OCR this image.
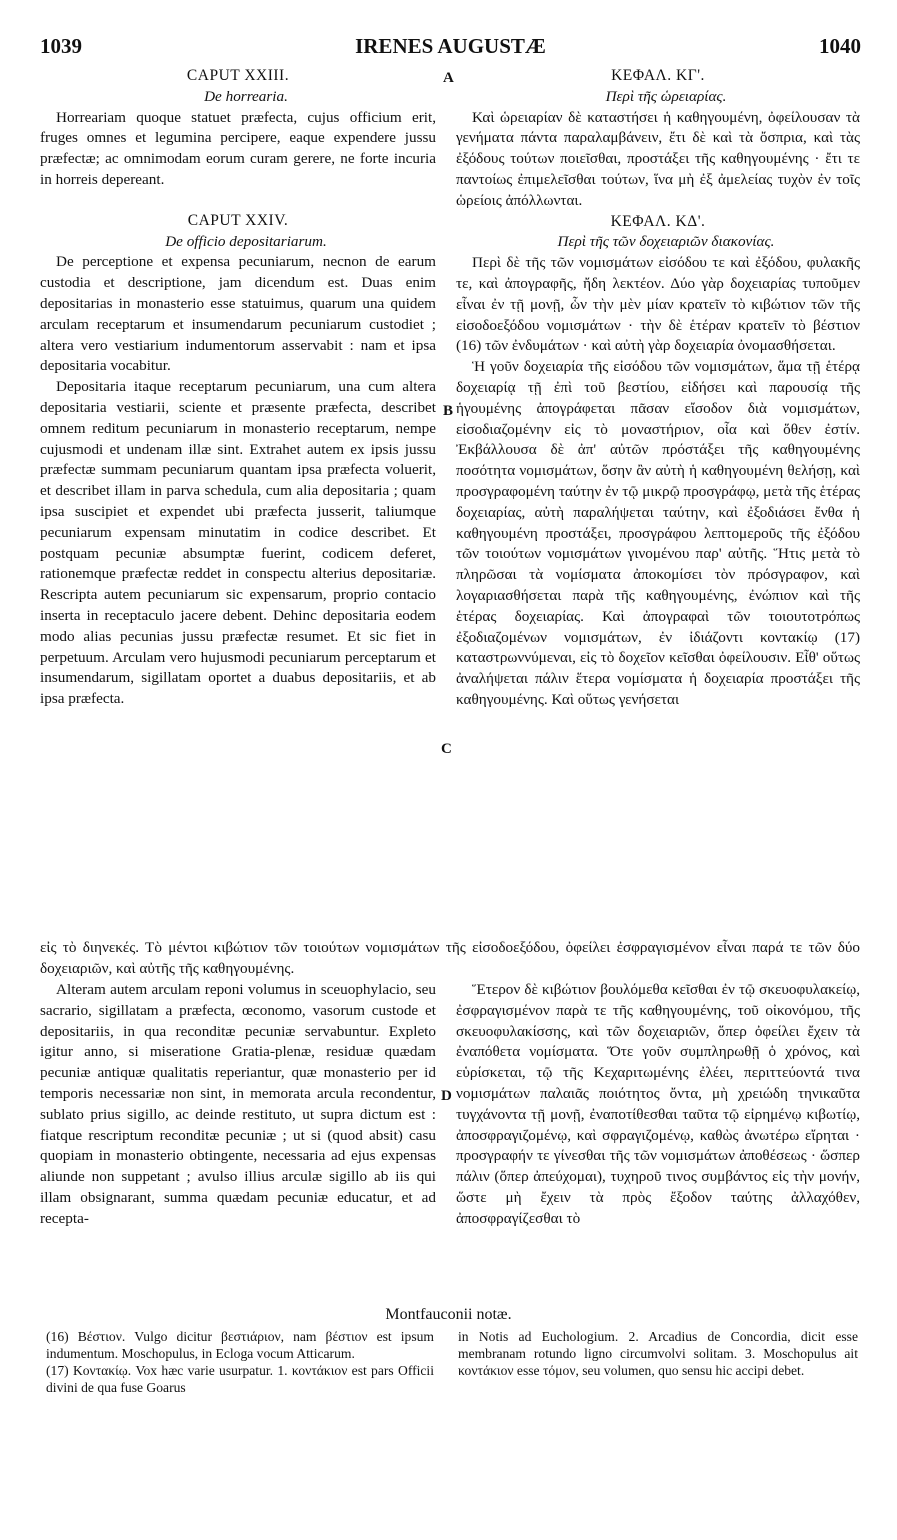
1039	IRENES AUGUSTÆ	1040
A
B
C
D
CAPUT XXIII.

De horrearia.

Horreariam quoque statuet præfecta, cujus officium erit, fruges omnes et legumina percipere, eaque expendere jussu præfectæ; ac omnimodam eorum curam gerere, ne forte incuria in horreis depereant.

CAPUT XXIV.

De officio depositariarum.

De perceptione et expensa pecuniarum, necnon de earum custodia et descriptione, jam dicendum est. Duas enim depositarias in monasterio esse statuimus, quarum una quidem arculam receptarum et insumendarum pecuniarum custodiet ; altera vero vestiarium indumentorum asservabit : nam et ipsa depositaria vocabitur.

Depositaria itaque receptarum pecuniarum, una cum altera depositaria vestiarii, sciente et præsente præfecta, describet omnem reditum pecuniarum in monasterio receptarum, nempe cujusmodi et undenam illæ sint. Extrahet autem ex ipsis jussu præfectæ summam pecuniarum quantam ipsa præfecta voluerit, et describet illam in parva schedula, cum alia depositaria ; quam ipsa suscipiet et expendet ubi præfecta jusserit, taliumque pecuniarum expensam minutatim in codice describet. Et postquam pecuniæ absumptæ fuerint, codicem deferet, rationemque præfectæ reddet in conspectu alterius depositariæ. Rescripta autem pecuniarum sic expensarum, proprio contacio inserta in receptaculo jacere debent. Dehinc depositaria eodem modo alias pecunias jussu præfectæ resumet. Et sic fiet in perpetuum. Arculam vero hujusmodi pecuniarum perceptarum et insumendarum, sigillatam oportet a duabus depositariis, et ab ipsa præfecta.

ΚΕΦΑΛ. ΚΓ'.

Περὶ τῆς ὡρειαρίας.

Καὶ ὡρειαρίαν δὲ καταστήσει ἡ καθηγουμένη, ὀφείλουσαν τὰ γενήματα πάντα παραλαμβάνειν, ἔτι δὲ καὶ τὰ ὄσπρια, καὶ τὰς ἐξόδους τούτων ποιεῖσθαι, προστάξει τῆς καθηγουμένης · ἔτι τε παντοίως ἐπιμελεῖσθαι τούτων, ἵνα μὴ ἐξ ἀμελείας τυχὸν ἐν τοῖς ὡρείοις ἀπόλλωνται.

ΚΕΦΑΛ. ΚΔ'.

Περὶ τῆς τῶν δοχειαριῶν διακονίας.

Περὶ δὲ τῆς τῶν νομισμάτων εἰσόδου τε καὶ ἐξόδου, φυλακῆς τε, καὶ ἀπογραφῆς, ἤδη λεκτέον. Δύο γὰρ δοχειαρίας τυποῦμεν εἶναι ἐν τῇ μονῇ, ὧν τὴν μὲν μίαν κρατεῖν τὸ κιβώτιον τῶν τῆς εἰσοδοεξόδου νομισμάτων · τὴν δὲ ἑτέραν κρατεῖν τὸ βέστιον (16) τῶν ἐνδυμάτων · καὶ αὐτὴ γὰρ δοχειαρία ὀνομασθήσεται.

Ἡ γοῦν δοχειαρία τῆς εἰσόδου τῶν νομισμάτων, ἅμα τῇ ἑτέρᾳ δοχειαρίᾳ τῇ ἐπὶ τοῦ βεστίου, εἰδήσει καὶ παρουσίᾳ τῆς ἡγουμένης ἀπογράφεται πᾶσαν εἴσοδον διὰ νομισμάτων, εἰσοδιαζομένην εἰς τὸ μοναστήριον, οἷα καὶ ὅθεν ἐστίν. Ἐκβάλλουσα δὲ ἀπ' αὐτῶν πρόστάξει τῆς καθηγουμένης ποσότητα νομισμάτων, ὅσην ἂν αὐτὴ ἡ καθηγουμένη θελήσῃ, καὶ προσγραφομένη ταύτην ἐν τῷ μικρῷ προσγράφῳ, μετὰ τῆς ἑτέρας δοχειαρίας, αὐτὴ παραλήψεται ταύτην, καὶ ἐξοδιάσει ἔνθα ἡ καθηγουμένη προστάξει, προσγράφου λεπτομεροῦς τῆς ἐξόδου τῶν τοιούτων νομισμάτων γινομένου παρ' αὐτῆς. Ἥτις μετὰ τὸ πληρῶσαι τὰ νομίσματα ἀποκομίσει τὸν πρόσγραφον, καὶ λογαριασθήσεται παρὰ τῆς καθηγουμένης, ἐνώπιον καὶ τῆς ἑτέρας δοχειαρίας. Καὶ ἀπογραφαὶ τῶν τοιουτοτρόπως ἐξοδιαζομένων νομισμάτων, ἐν ἰδιάζοντι κοντακίῳ (17) καταστρωννύμεναι, εἰς τὸ δοχεῖον κεῖσθαι ὀφείλουσιν. Εἶθ' οὕτως ἀναλήψεται πάλιν ἕτερα νομίσματα ἡ δοχειαρία προστάξει τῆς καθηγουμένης. Καὶ οὕτως γενήσεται

εἰς τὸ διηνεκές. Τὸ μέντοι κιβώτιον τῶν τοιούτων νομισμάτων τῆς εἰσοδοεξόδου, ὀφείλει ἐσφραγισμένον εἶναι παρά τε τῶν δύο δοχειαριῶν, καὶ αὐτῆς τῆς καθηγουμένης.

Alteram autem arculam reponi volumus in sceuophylacio, seu sacrario, sigillatam a præfecta, œconomo, vasorum custode et depositariis, in qua reconditæ pecuniæ servabuntur. Expleto igitur anno, si miseratione Gratia-plenæ, residuæ quædam pecuniæ antiquæ qualitatis reperiantur, quæ monasterio per id temporis necessariæ non sint, in memorata arcula recondentur, sublato prius sigillo, ac deinde restituto, ut supra dictum est : fiatque rescriptum reconditæ pecuniæ ; ut si (quod absit) casu quopiam in monasterio obtingente, necessaria ad ejus expensas aliunde non suppetant ; avulso illius arculæ sigillo ab iis qui illam obsignarant, summa quædam pecuniæ educatur, et ad recepta-

Ἕτερον δὲ κιβώτιον βουλόμεθα κεῖσθαι ἐν τῷ σκευοφυλακείῳ, ἐσφραγισμένον παρὰ τε τῆς καθηγουμένης, τοῦ οἰκονόμου, τῆς σκευοφυλακίσσης, καὶ τῶν δοχειαριῶν, ὅπερ ὀφείλει ἔχειν τὰ ἐναπόθετα νομίσματα. Ὅτε γοῦν συμπληρωθῇ ὁ χρόνος, καὶ εὑρίσκεται, τῷ τῆς Κεχαριτωμένης ἐλέει, περιττεύοντά τινα νομισμάτων παλαιᾶς ποιότητος ὄντα, μὴ χρειώδη τηνικαῦτα τυγχάνοντα τῇ μονῇ, ἐναποτίθεσθαι ταῦτα τῷ εἰρημένῳ κιβωτίῳ, ἀποσφραγιζομένῳ, καὶ σφραγιζομένῳ, καθὼς ἀνωτέρω εἴρηται · προσγραφήν τε γίνεσθαι τῆς τῶν νομισμάτων ἀποθέσεως · ὥσπερ πάλιν (ὅπερ ἀπεύχομαι), τυχηροῦ τινος συμβάντος εἰς τὴν μονήν, ὥστε μὴ ἔχειν τὰ πρὸς ἔξοδον ταύτης ἀλλαχόθεν, ἀποσφραγίζεσθαι τὸ

Montfauconii notæ.

(16) Βέστιον. Vulgo dicitur βεστιάριον, nam βέστιον est ipsum indumentum. Moschopulus, in Ecloga vocum Atticarum.

(17) Κοντακίῳ. Vox hæc varie usurpatur. 1. κοντάκιον est pars Officii divini de qua fuse Goarus

in Notis ad Euchologium. 2. Arcadius de Concordia, dicit esse membranam rotundo ligno circumvolvi solitam. 3. Moschopulus ait κοντάκιον esse τόμον, seu volumen, quo sensu hic accipi debet.
